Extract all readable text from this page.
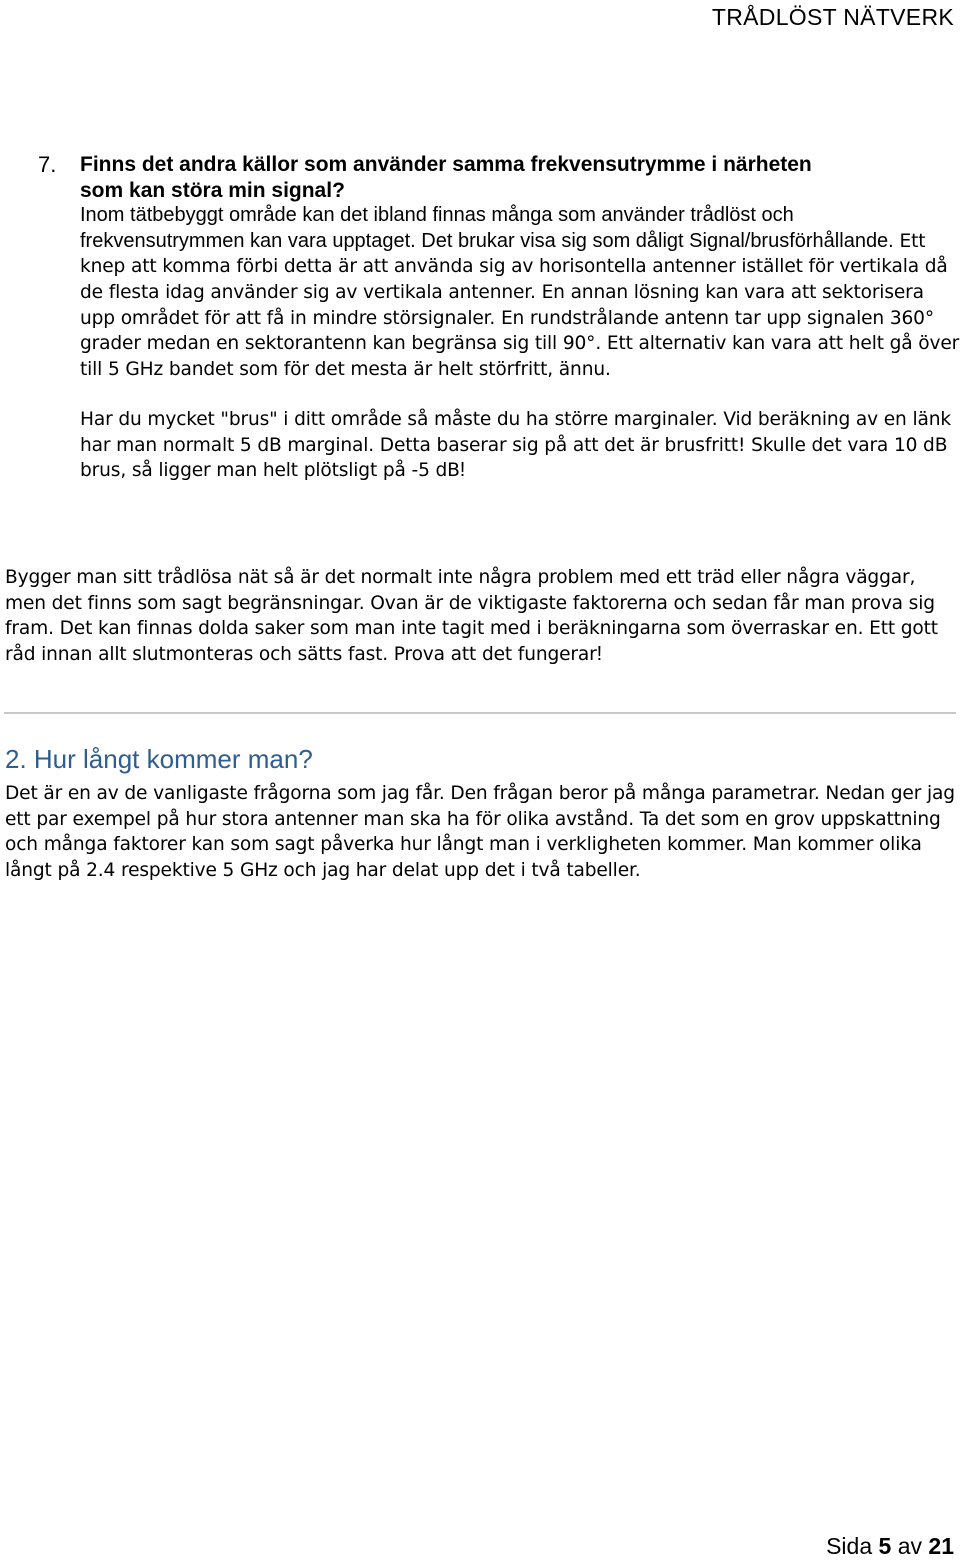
TRÅDLÖST NÄTVERK
7. Finns det andra källor som använder samma frekvensutrymme i närheten
som kan störa min signal?
Inom tätbebyggt område kan det ibland finnas många som använder trådlöst och frekvensutrymmen kan vara upptaget. Det brukar visa sig som dåligt Signal/brusförhållande. Ett knep att komma förbi detta är att använda sig av horisontella antenner istället för vertikala då de flesta idag använder sig av vertikala antenner. En annan lösning kan vara att sektorisera upp området för att få in mindre störsignaler. En rundstrålande antenn tar upp signalen 360° grader medan en sektorantenn kan begränsa sig till 90°. Ett alternativ kan vara att helt gå över till 5 GHz bandet som för det mesta är helt störfritt, ännu.
Har du mycket "brus" i ditt område så måste du ha större marginaler. Vid beräkning av en länk har man normalt 5 dB marginal. Detta baserar sig på att det är brusfritt! Skulle det vara 10 dB brus, så ligger man helt plötsligt på -5 dB!
Bygger man sitt trådlösa nät så är det normalt inte några problem med ett träd eller några väggar, men det finns som sagt begränsningar. Ovan är de viktigaste faktorerna och sedan får man prova sig fram. Det kan finnas dolda saker som man inte tagit med i beräkningarna som överraskar en. Ett gott råd innan allt slutmonteras och sätts fast. Prova att det fungerar!
2. Hur långt kommer man?
Det är en av de vanligaste frågorna som jag får. Den frågan beror på många parametrar. Nedan ger jag ett par exempel på hur stora antenner man ska ha för olika avstånd. Ta det som en grov uppskattning och många faktorer kan som sagt påverka hur långt man i verkligheten kommer. Man kommer olika långt på 2.4 respektive 5 GHz och jag har delat upp det i två tabeller.
Sida 5 av 21
